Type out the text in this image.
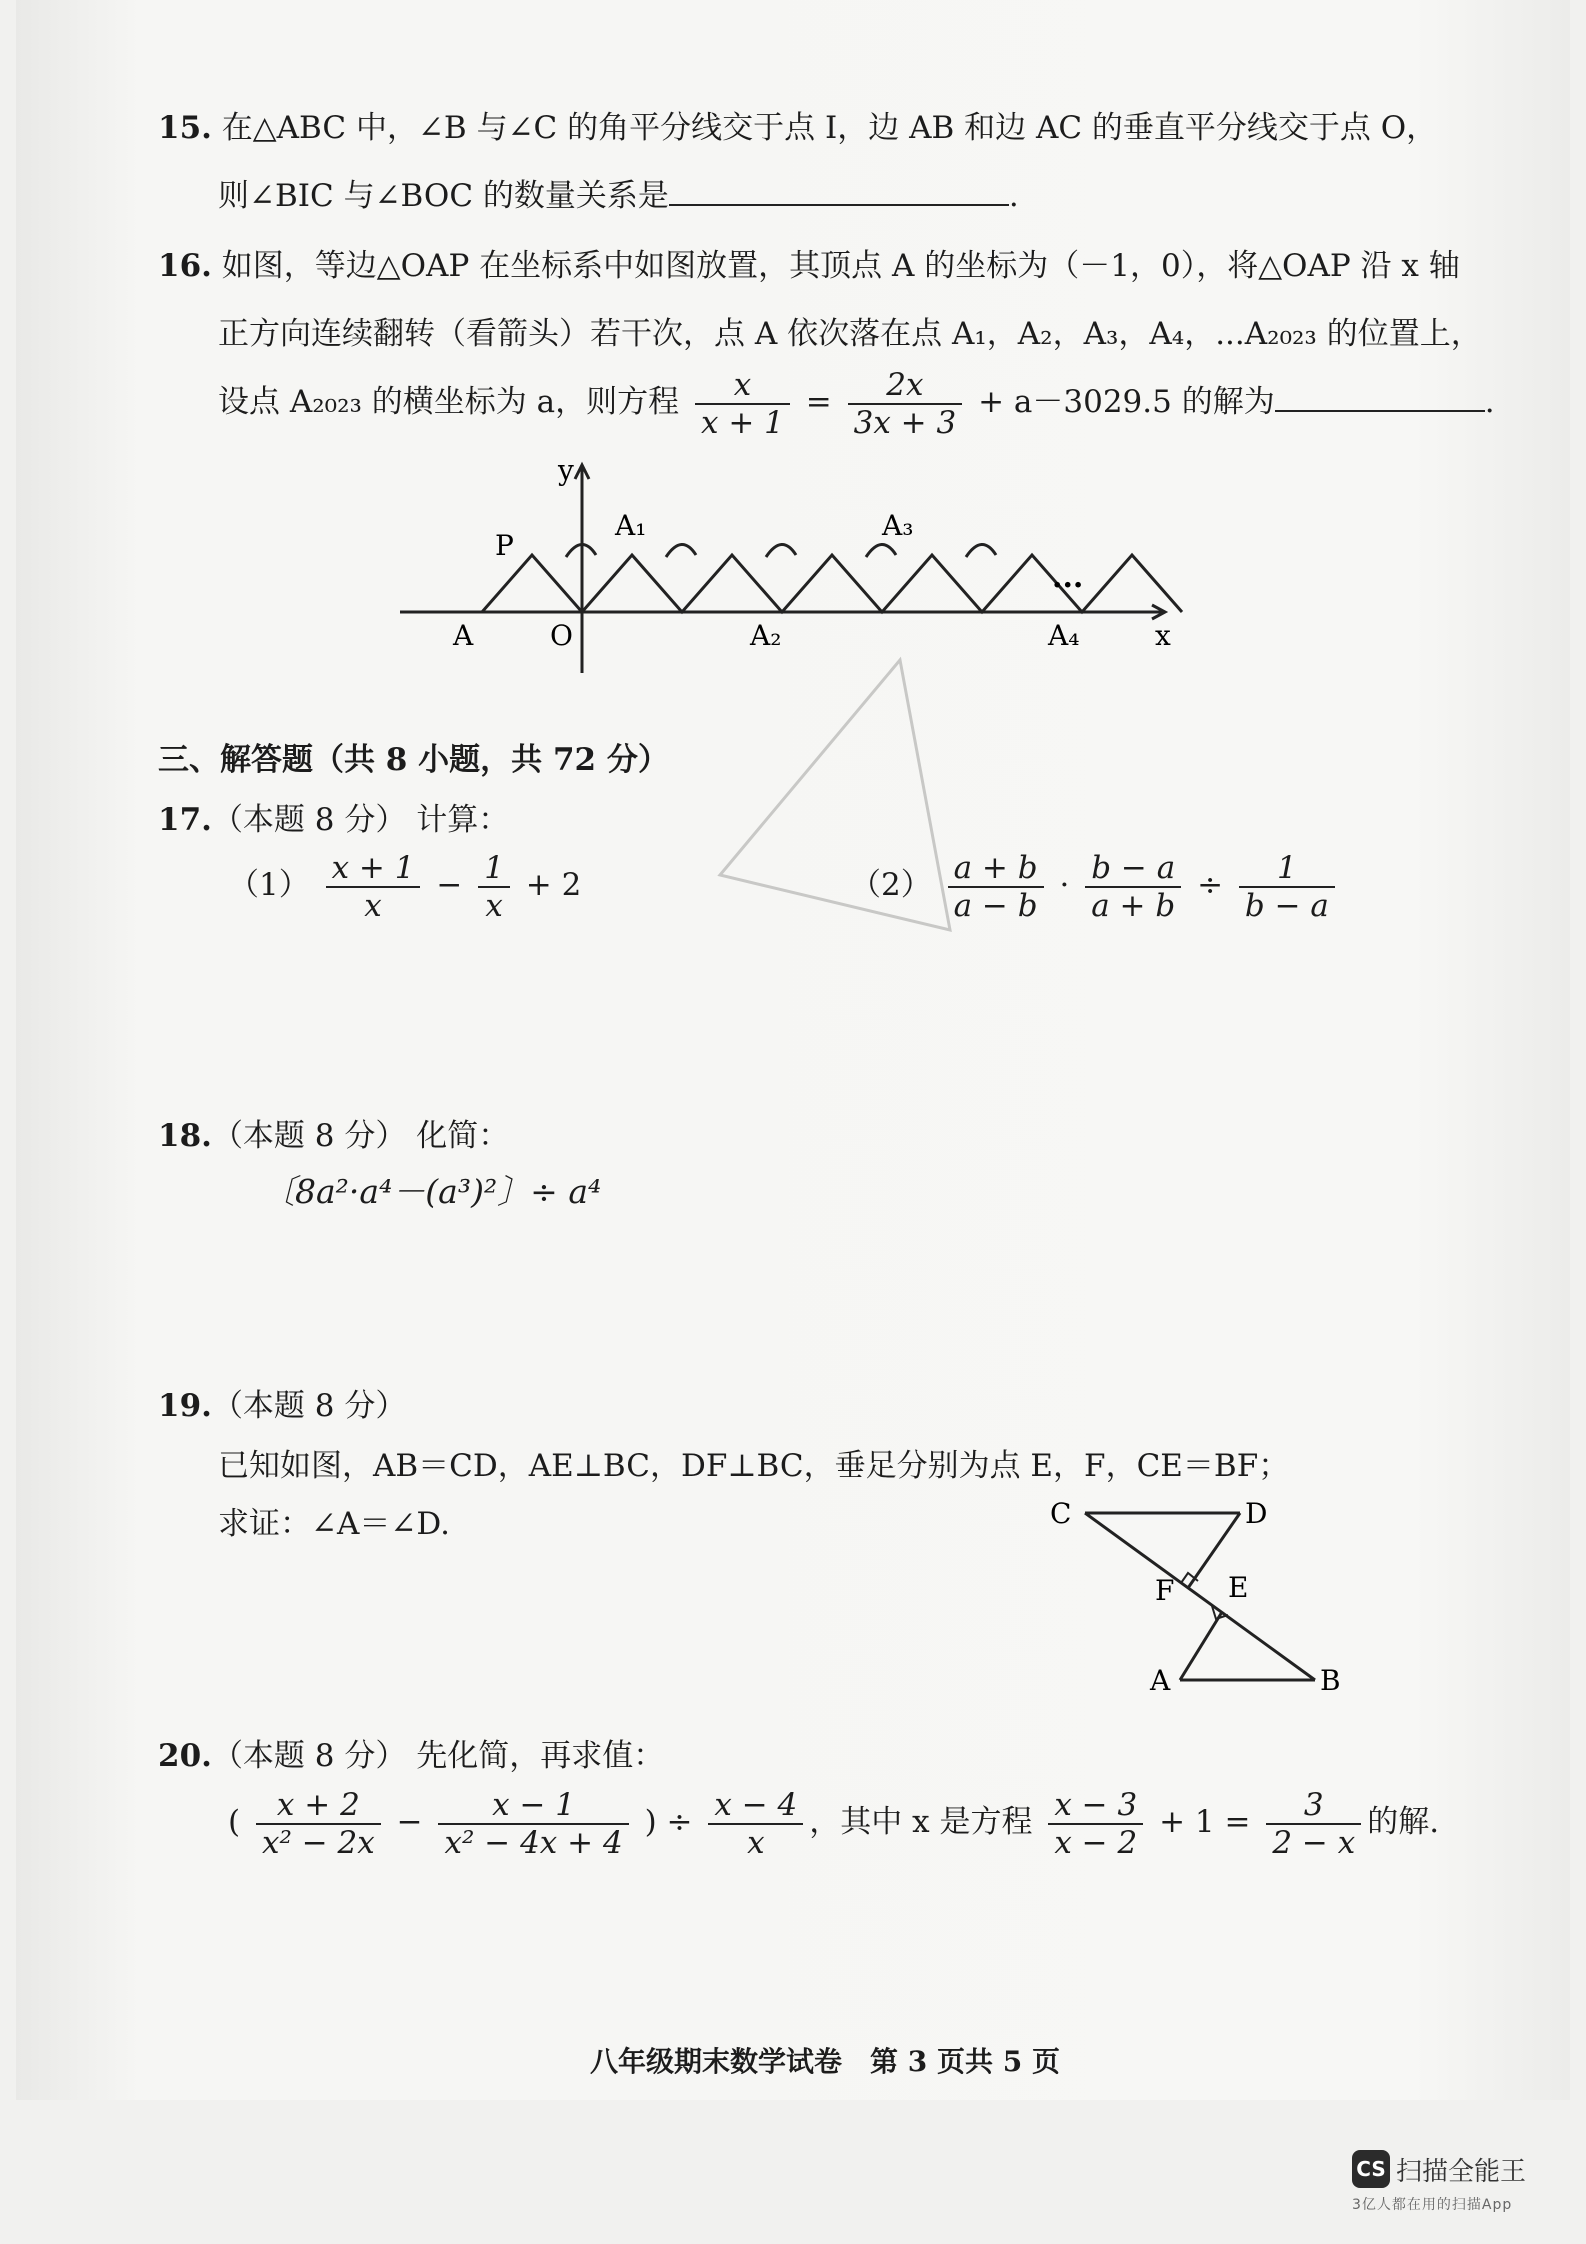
15. 在△ABC 中，∠B 与∠C 的角平分线交于点 I，边 AB 和边 AC 的垂直平分线交于点 O，
则∠BIC 与∠BOC 的数量关系是	.
16. 如图，等边△OAP 在坐标系中如图放置，其顶点 A 的坐标为（－1，0），将△OAP 沿 x 轴
正方向连续翻转（看箭头）若干次，点 A 依次落在点 A₁，A₂，A₃，A₄，...A₂₀₂₃ 的位置上，
设点 A₂₀₂₃ 的横坐标为 a，则方程 $\frac{x}{x + 1} = \frac{2x}{3x + 3} + a-3029.5$ 的解为	.
y
x
P
A	O
A₁
A₂
A₃
A₄
...
三、解答题（共 8 小题，共 72 分）
17.（本题 8 分） 计算：
$(1) \frac{x + 1}{x} - \frac{1}{x} + 2$	$(2) \frac{a + b}{a - b} \cdot \frac{b - a}{a + b} \div \frac{1}{b - a}$
18.（本题 8 分） 化简：
〔8a²·a⁴－(a³)²〕÷ a⁴
19.（本题 8 分）
已知如图，AB＝CD，AE⊥BC，DF⊥BC，垂足分别为点 E，F，CE＝BF；
求证：∠A＝∠D.	C	D
F E
A	B
20.（本题 8 分） 先化简，再求值：
( $\frac{x + 2}{\text{x² − 2x}} - \frac{x - 1}{\text{x² − 4x + 4}}$ ) ÷ $\frac{x - 4}{x}$ ，其中 x 是方程 $\frac{x - 3}{x - 2} + 1 = \frac{3}{2 - x}$ 的解.
八年级期末数学试卷　第 3 页共 5 页
CS 扫描全能王
3亿人都在用的扫描App
